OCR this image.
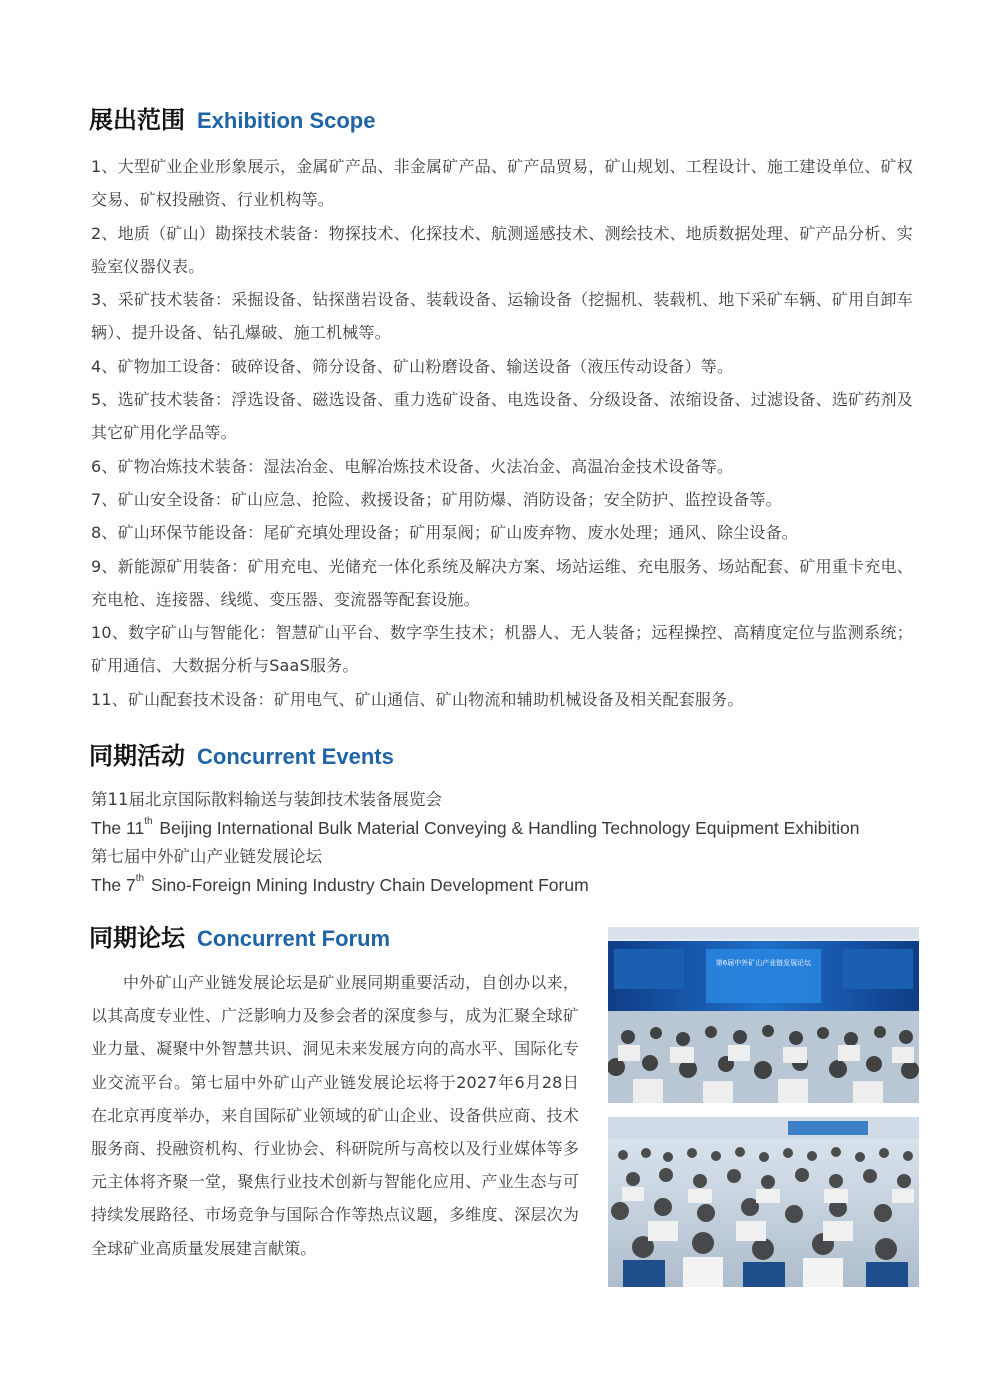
展出范围 Exhibition Scope
1、大型矿业企业形象展示，金属矿产品、非金属矿产品、矿产品贸易，矿山规划、工程设计、施工建设单位、矿权交易、矿权投融资、行业机构等。
2、地质（矿山）勘探技术装备：物探技术、化探技术、航测遥感技术、测绘技术、地质数据处理、矿产品分析、实验室仪器仪表。
3、采矿技术装备：采掘设备、钻探凿岩设备、装载设备、运输设备（挖掘机、装载机、地下采矿车辆、矿用自卸车辆）、提升设备、钻孔爆破、施工机械等。
4、矿物加工设备：破碎设备、筛分设备、矿山粉磨设备、输送设备（液压传动设备）等。
5、选矿技术装备：浮选设备、磁选设备、重力选矿设备、电选设备、分级设备、浓缩设备、过滤设备、选矿药剂及其它矿用化学品等。
6、矿物冶炼技术装备：湿法冶金、电解冶炼技术设备、火法冶金、高温冶金技术设备等。
7、矿山安全设备：矿山应急、抢险、救援设备；矿用防爆、消防设备；安全防护、监控设备等。
8、矿山环保节能设备：尾矿充填处理设备；矿用泵阀；矿山废弃物、废水处理；通风、除尘设备。
9、新能源矿用装备：矿用充电、光储充一体化系统及解决方案、场站运维、充电服务、场站配套、矿用重卡充电、充电枪、连接器、线缆、变压器、变流器等配套设施。
10、数字矿山与智能化：智慧矿山平台、数字孪生技术；机器人、无人装备；远程操控、高精度定位与监测系统；矿用通信、大数据分析与SaaS服务。
11、矿山配套技术设备：矿用电气、矿山通信、矿山物流和辅助机械设备及相关配套服务。
同期活动 Concurrent Events
第11届北京国际散料输送与装卸技术装备展览会
The 11th Beijing International Bulk Material Conveying & Handling Technology Equipment Exhibition
第七届中外矿山产业链发展论坛
The 7th Sino-Foreign Mining Industry Chain Development Forum
同期论坛 Concurrent Forum

中外矿山产业链发展论坛是矿业展同期重要活动，自创办以来，以其高度专业性、广泛影响力及参会者的深度参与，成为汇聚全球矿业力量、凝聚中外智慧共识、洞见未来发展方向的高水平、国际化专业交流平台。第七届中外矿山产业链发展论坛将于2027年6月28日在北京再度举办，来自国际矿业领域的矿山企业、设备供应商、技术服务商、投融资机构、行业协会、科研院所与高校以及行业媒体等多元主体将齐聚一堂，聚焦行业技术创新与智能化应用、产业生态与可持续发展路径、市场竞争与国际合作等热点议题，多维度、深层次为全球矿业高质量发展建言献策。

第6届中外矿山产业链发展论坛
